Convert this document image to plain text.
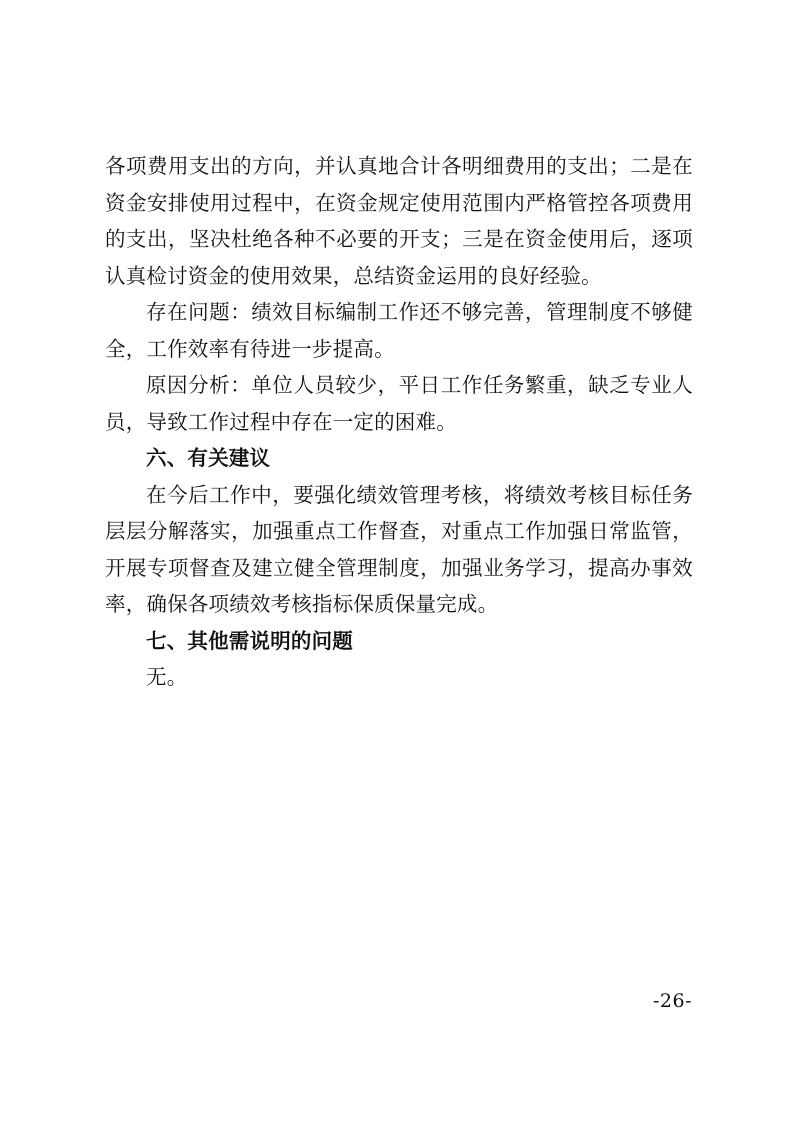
各项费用支出的方向，并认真地合计各明细费用的支出；二是在资金安排使用过程中，在资金规定使用范围内严格管控各项费用的支出，坚决杜绝各种不必要的开支；三是在资金使用后，逐项认真检讨资金的使用效果，总结资金运用的良好经验。

存在问题：绩效目标编制工作还不够完善，管理制度不够健全，工作效率有待进一步提高。

原因分析：单位人员较少，平日工作任务繁重，缺乏专业人员，导致工作过程中存在一定的困难。

六、有关建议

在今后工作中，要强化绩效管理考核，将绩效考核目标任务层层分解落实，加强重点工作督查，对重点工作加强日常监管，开展专项督查及建立健全管理制度，加强业务学习，提高办事效率，确保各项绩效考核指标保质保量完成。

七、其他需说明的问题

无。

-26-
